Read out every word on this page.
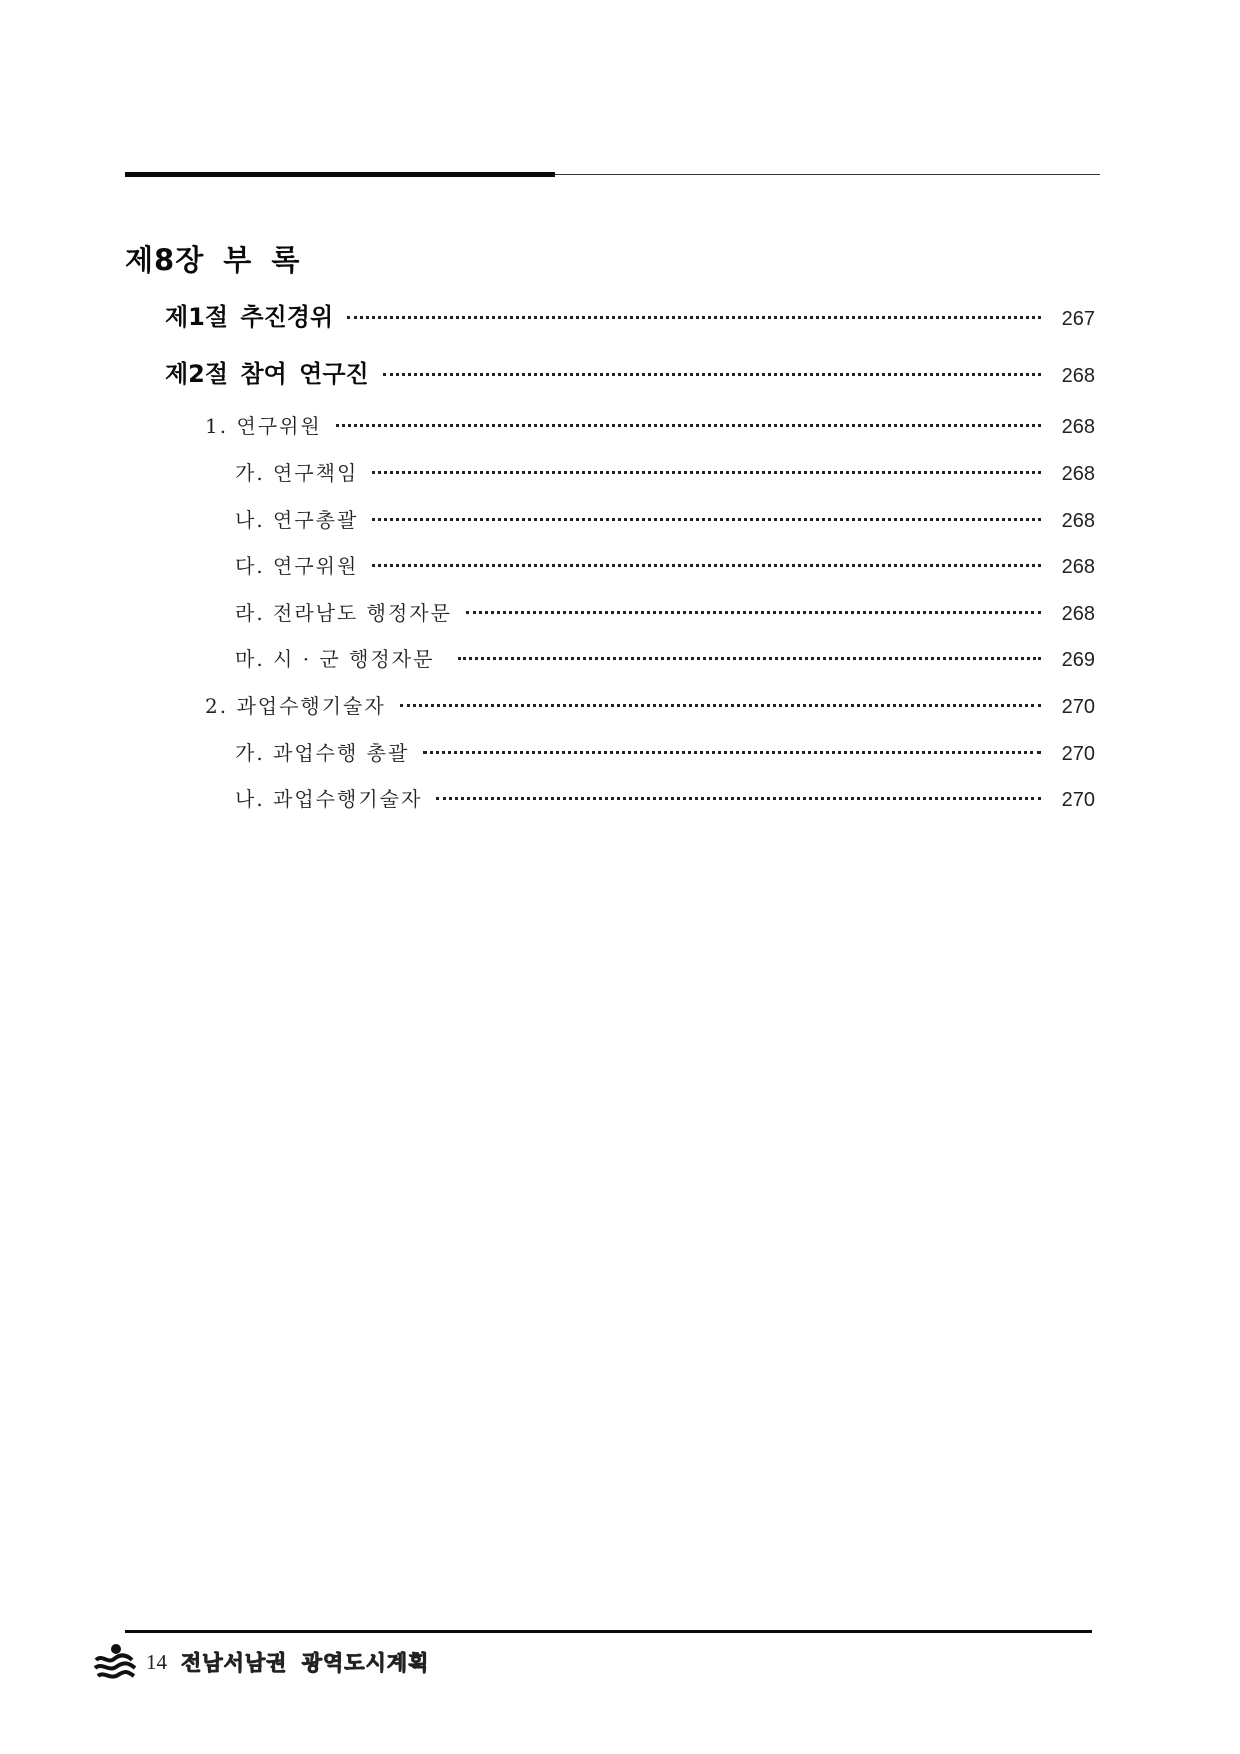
제8장 부 록
제1절 추진경위	267
제2절 참여 연구진	268
1. 연구위원	268
가. 연구책임	268
나. 연구총괄	268
다. 연구위원	268
라. 전라남도 행정자문	268
마. 시 · 군 행정자문	269
2. 과업수행기술자	270
가. 과업수행 총괄	270
나. 과업수행기술자	270
14 전남서남권 광역도시계획
